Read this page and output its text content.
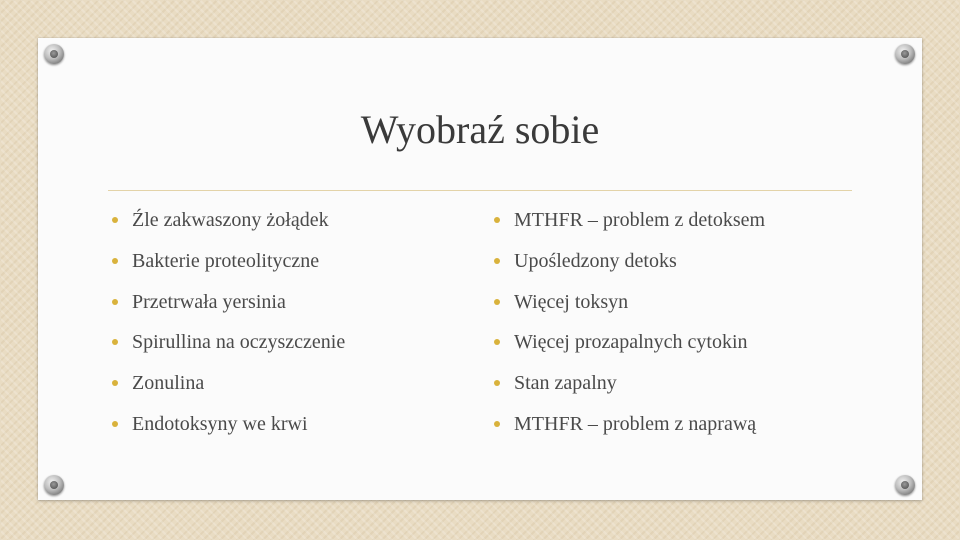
Wyobraź sobie
Źle zakwaszony żołądek
Bakterie proteolityczne
Przetrwała yersinia
Spirullina na oczyszczenie
Zonulina
Endotoksyny we krwi
MTHFR – problem z detoksem
Upośledzony detoks
Więcej toksyn
Więcej prozapalnych cytokin
Stan zapalny
MTHFR – problem z naprawą
